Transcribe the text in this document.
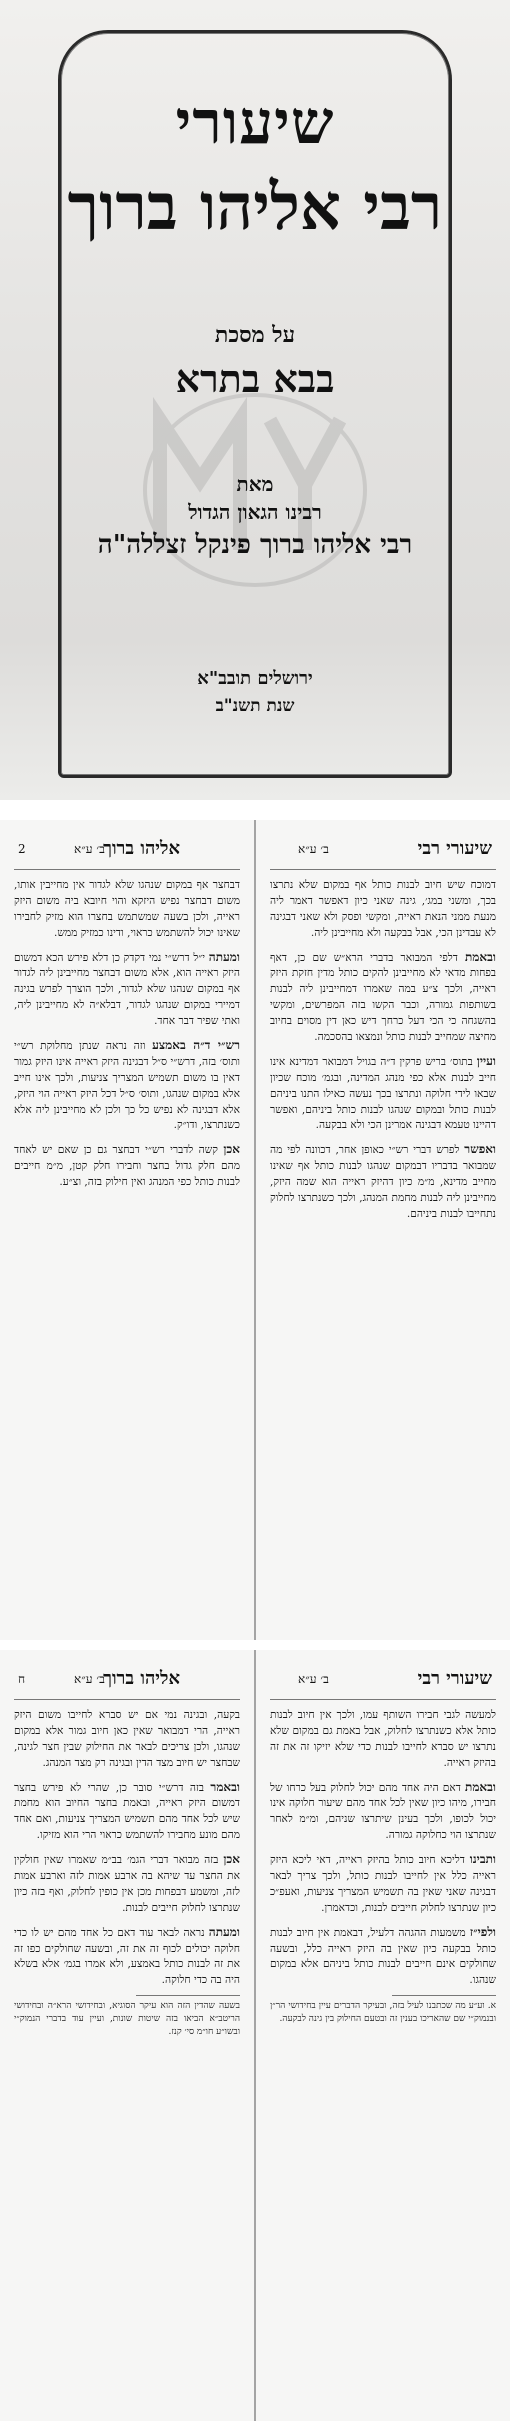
שיעורי
רבי אליהו ברוך
על מסכת
בבא בתרא
מאת
רבינו הגאון הגדול
רבי אליהו ברוך פינקל זצללה"ה
ירושלים תובב"א
שנת תשנ"ב
שיעורי רבי
ב׳ ע״א
דמוכח שיש חיוב לבנות כותל אף במקום שלא נתרצו בכך, ומשני במג׳, גינה שאני כיון דאפשר דאמר ליה מנעת ממני הנאת ראייה, ומקשי ופסק ולא שאני דבגינה לא עבדינן הכי, אבל בבקעה ולא מחייבינן ליה.
ובאמת דלפי המבואר בדברי הרא״ש שם כן, דאף בפחות מדאי לא מחייבינן להקים כותל מדין חזקת היזק ראייה, ולכך צ״ע במה שאמרו דמחייבינן ליה לבנות בשותפות גמורה, וכבר הקשו בזה המפרשים, ומקשי בהשגחה כי הכי דעל כרחך דיש כאן דין מסוים בחיוב מחיצה שמחייב לבנות כותל ונמצאו בהסכמה.
ועיין בתוס׳ בריש פרקין ד״ה בגויל דמבואר דמדינא אינו חייב לבנות אלא כפי מנהג המדינה, ובגמ׳ מוכח שכיון שבאו לידי חלוקה ונתרצו בכך נעשה כאילו התנו ביניהם לבנות כותל ובמקום שנהגו לבנות כותל ביניהם, ואפשר דהיינו טעמא דבגינה אמרינן הכי ולא בבקעה.
ואפשר לפרש דברי רש״י כאופן אחר, דכוונה לפי מה שמבואר בדבריו דבמקום שנהגו לבנות כותל אף שאינו מחייב מדינא, מ״מ כיון דהיזק ראייה הוא שמה היזק, מחייבינן ליה לבנות מחמת המנהג, ולכך כשנתרצו לחלוק נתחייבו לבנות ביניהם.
2	ב׳ ע״א
אליהו ברוך
דבחצר אף במקום שנהגו שלא לגדור אין מחייבין אותו, משום דבחצר נפיש היזקא והוי חיובא ביה משום היזק ראייה, ולכן בשעה שמשתמש בחצרו הוא מזיק לחבירו שאינו יכול להשתמש כראוי, ודינו כמזיק ממש.
ומעתה י״ל דרש״י נמי דקדק כן דלא פירש הכא דמשום היזק ראייה הוא, אלא משום דבחצר מחייבינן ליה לגדור אף במקום שנהגו שלא לגדור, ולכך הוצרך לפרש בגינה דמיירי במקום שנהגו לגדור, דבלא״ה לא מחייבינן ליה, ואתי שפיר דבר אחד.
רש״י ד״ה באמצע וזה נראה שנתן מחלוקת רש״י ותוס׳ בזה, דרש״י ס״ל דבגינה היזק ראייה אינו היזק גמור דאין בו משום תשמיש המצריך צניעות, ולכך אינו חייב אלא במקום שנהגו, ותוס׳ ס״ל דכל היזק ראייה הוי היזק, אלא דבגינה לא נפיש כל כך ולכן לא מחייבינן ליה אלא כשנתרצו, ודו״ק.
אכן קשה לדברי רש״י דבחצר גם כן שאם יש לאחד מהם חלק גדול בחצר וחבירו חלק קטן, מ״מ חייבים לבנות כותל כפי המנהג ואין חילוק בזה, וצ״ע.
שיעורי רבי
ב׳ ע״א
למעשה לגבי חבירו השותף עמו, ולכך אין חיוב לבנות כותל אלא כשנתרצו לחלוק, אבל באמת גם במקום שלא נתרצו יש סברא לחייבו לבנות כדי שלא יזיקו זה את זה בהיזק ראייה.
ובאמת דאם היה אחד מהם יכול לחלוק בעל כרחו של חבירו, מיהו כיון שאין לכל אחד מהם שיעור חלוקה אינו יכול לכופו, ולכך בעינן שיתרצו שניהם, ומ״מ לאחר שנתרצו הוי כחלוקה גמורה.
ותבינו דליכא חיוב כותל בהיזק ראייה, דאי ליכא היזק ראייה כלל אין לחייבו לבנות כותל, ולכך צריך לבאר דבגינה שאני שאין בה תשמיש המצריך צניעות, ואעפ״כ כיון שנתרצו לחלוק חייבים לבנות, וכדאמרן.
ולפי״ז משמעות ההגהה דלעיל, דבאמת אין חיוב לבנות כותל בבקעה כיון שאין בה היזק ראייה כלל, ובשעה שחולקים אינם חייבים לבנות כותל ביניהם אלא במקום שנהגו.
א. וע״ע מה שכתבנו לעיל בזה, ובעיקר הדברים עיין בחידושי הר״ן ובנמוק״י שם שהאריכו בענין זה ובטעם החילוק בין גינה לבקעה.
ח	ב׳ ע״א
אליהו ברוך
בקעה, ובגינה נמי אם יש סברא לחייבו משום היזק ראייה, הרי דמבואר שאין כאן חיוב גמור אלא במקום שנהגו, ולכן צריכים לבאר את החילוק שבין חצר לגינה, שבחצר יש חיוב מצד הדין ובגינה רק מצד המנהג.
ובאמר בזה דרש״י סובר כן, שהרי לא פירש בחצר דמשום היזק ראייה, ובאמת בחצר החיוב הוא מחמת שיש לכל אחד מהם תשמיש המצריך צניעות, ואם אחד מהם מונע מחבירו להשתמש כראוי הרי הוא מזיקו.
אכן בזה מבואר דברי הגמ׳ בב״מ שאמרו שאין חולקין את החצר עד שיהא בה ארבע אמות לזה וארבע אמות לזה, ומשמע דבפחות מכן אין כופין לחלוק, ואף בזה כיון שנתרצו לחלוק חייבים לבנות.
ומעתה נראה לבאר עוד דאם כל אחד מהם יש לו כדי חלוקה יכולים לכוף זה את זה, ובשעה שחולקים כפו זה את זה לבנות כותל באמצע, ולא אמרו בגמ׳ אלא בשלא היה בה כדי חלוקה.
בשעה שהדין הזה הוא עיקר הסוגיא, ובחידושי הרא״ה ובחידושי הריטב״א הביאו בזה שיטות שונות, ועיין עוד בדברי הנמוק״י ובשו״ע חו״מ סי׳ קנז.
